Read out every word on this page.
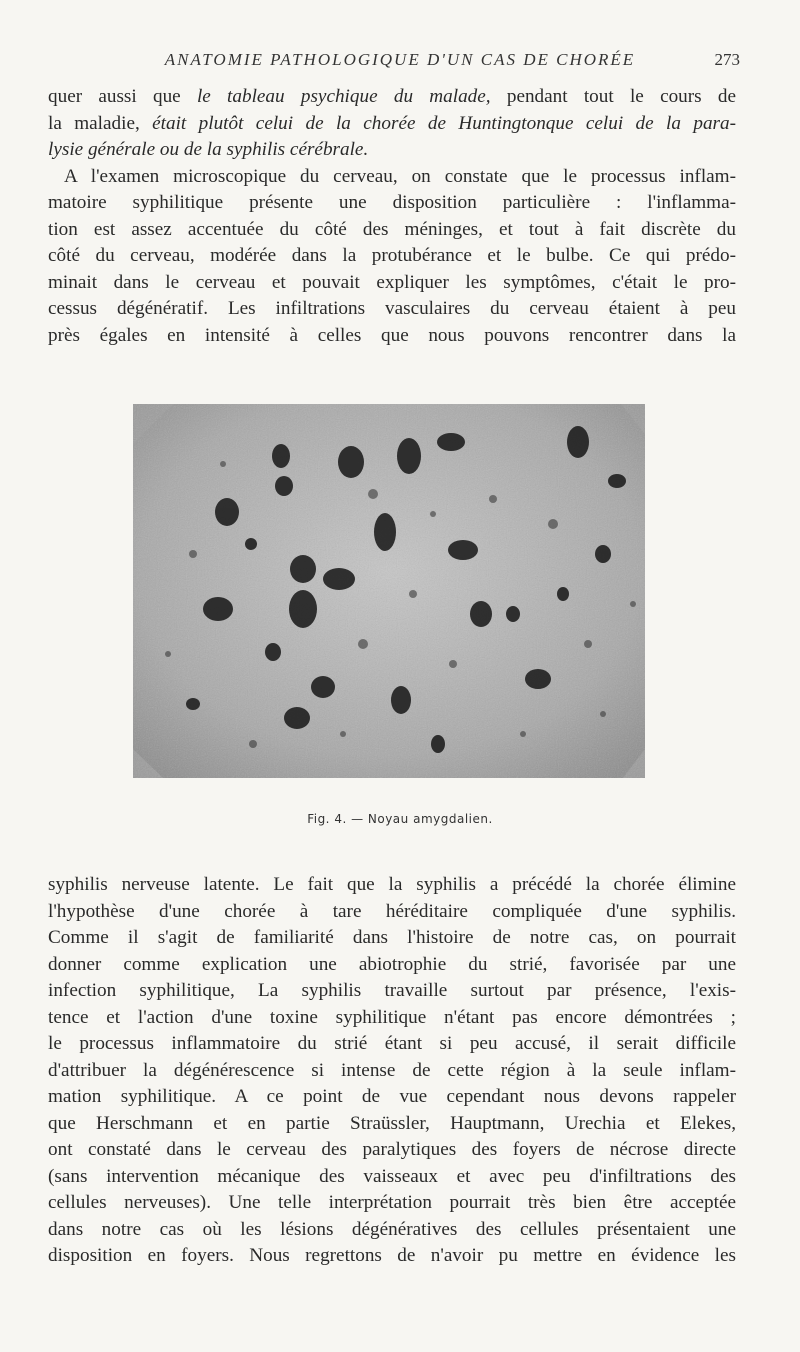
ANATOMIE PATHOLOGIQUE D'UN CAS DE CHORÉE	273
quer aussi que le tableau psychique du malade, pendant tout le cours de
la maladie, était plutôt celui de la chorée de Huntingtonque celui de la para-
lysie générale ou de la syphilis cérébrale.
A l'examen microscopique du cerveau, on constate que le processus inflam-
matoire syphilitique présente une disposition particulière : l'inflamma-
tion est assez accentuée du côté des méninges, et tout à fait discrète du
côté du cerveau, modérée dans la protubérance et le bulbe. Ce qui prédo-
minait dans le cerveau et pouvait expliquer les symptômes, c'était le pro-
cessus dégénératif. Les infiltrations vasculaires du cerveau étaient à peu
près égales en intensité à celles que nous pouvons rencontrer dans la
Fig. 4. — Noyau amygdalien.
syphilis nerveuse latente. Le fait que la syphilis a précédé la chorée élimine
l'hypothèse d'une chorée à tare héréditaire compliquée d'une syphilis.
Comme il s'agit de familiarité dans l'histoire de notre cas, on pourrait
donner comme explication une abiotrophie du strié, favorisée par une
infection syphilitique, La syphilis travaille surtout par présence, l'exis-
tence et l'action d'une toxine syphilitique n'étant pas encore démontrées ;
le processus inflammatoire du strié étant si peu accusé, il serait difficile
d'attribuer la dégénérescence si intense de cette région à la seule inflam-
mation syphilitique. A ce point de vue cependant nous devons rappeler
que Herschmann et en partie Straüssler, Hauptmann, Urechia et Elekes,
ont constaté dans le cerveau des paralytiques des foyers de nécrose directe
(sans intervention mécanique des vaisseaux et avec peu d'infiltrations des
cellules nerveuses). Une telle interprétation pourrait très bien être acceptée
dans notre cas où les lésions dégénératives des cellules présentaient une
disposition en foyers. Nous regrettons de n'avoir pu mettre en évidence les
